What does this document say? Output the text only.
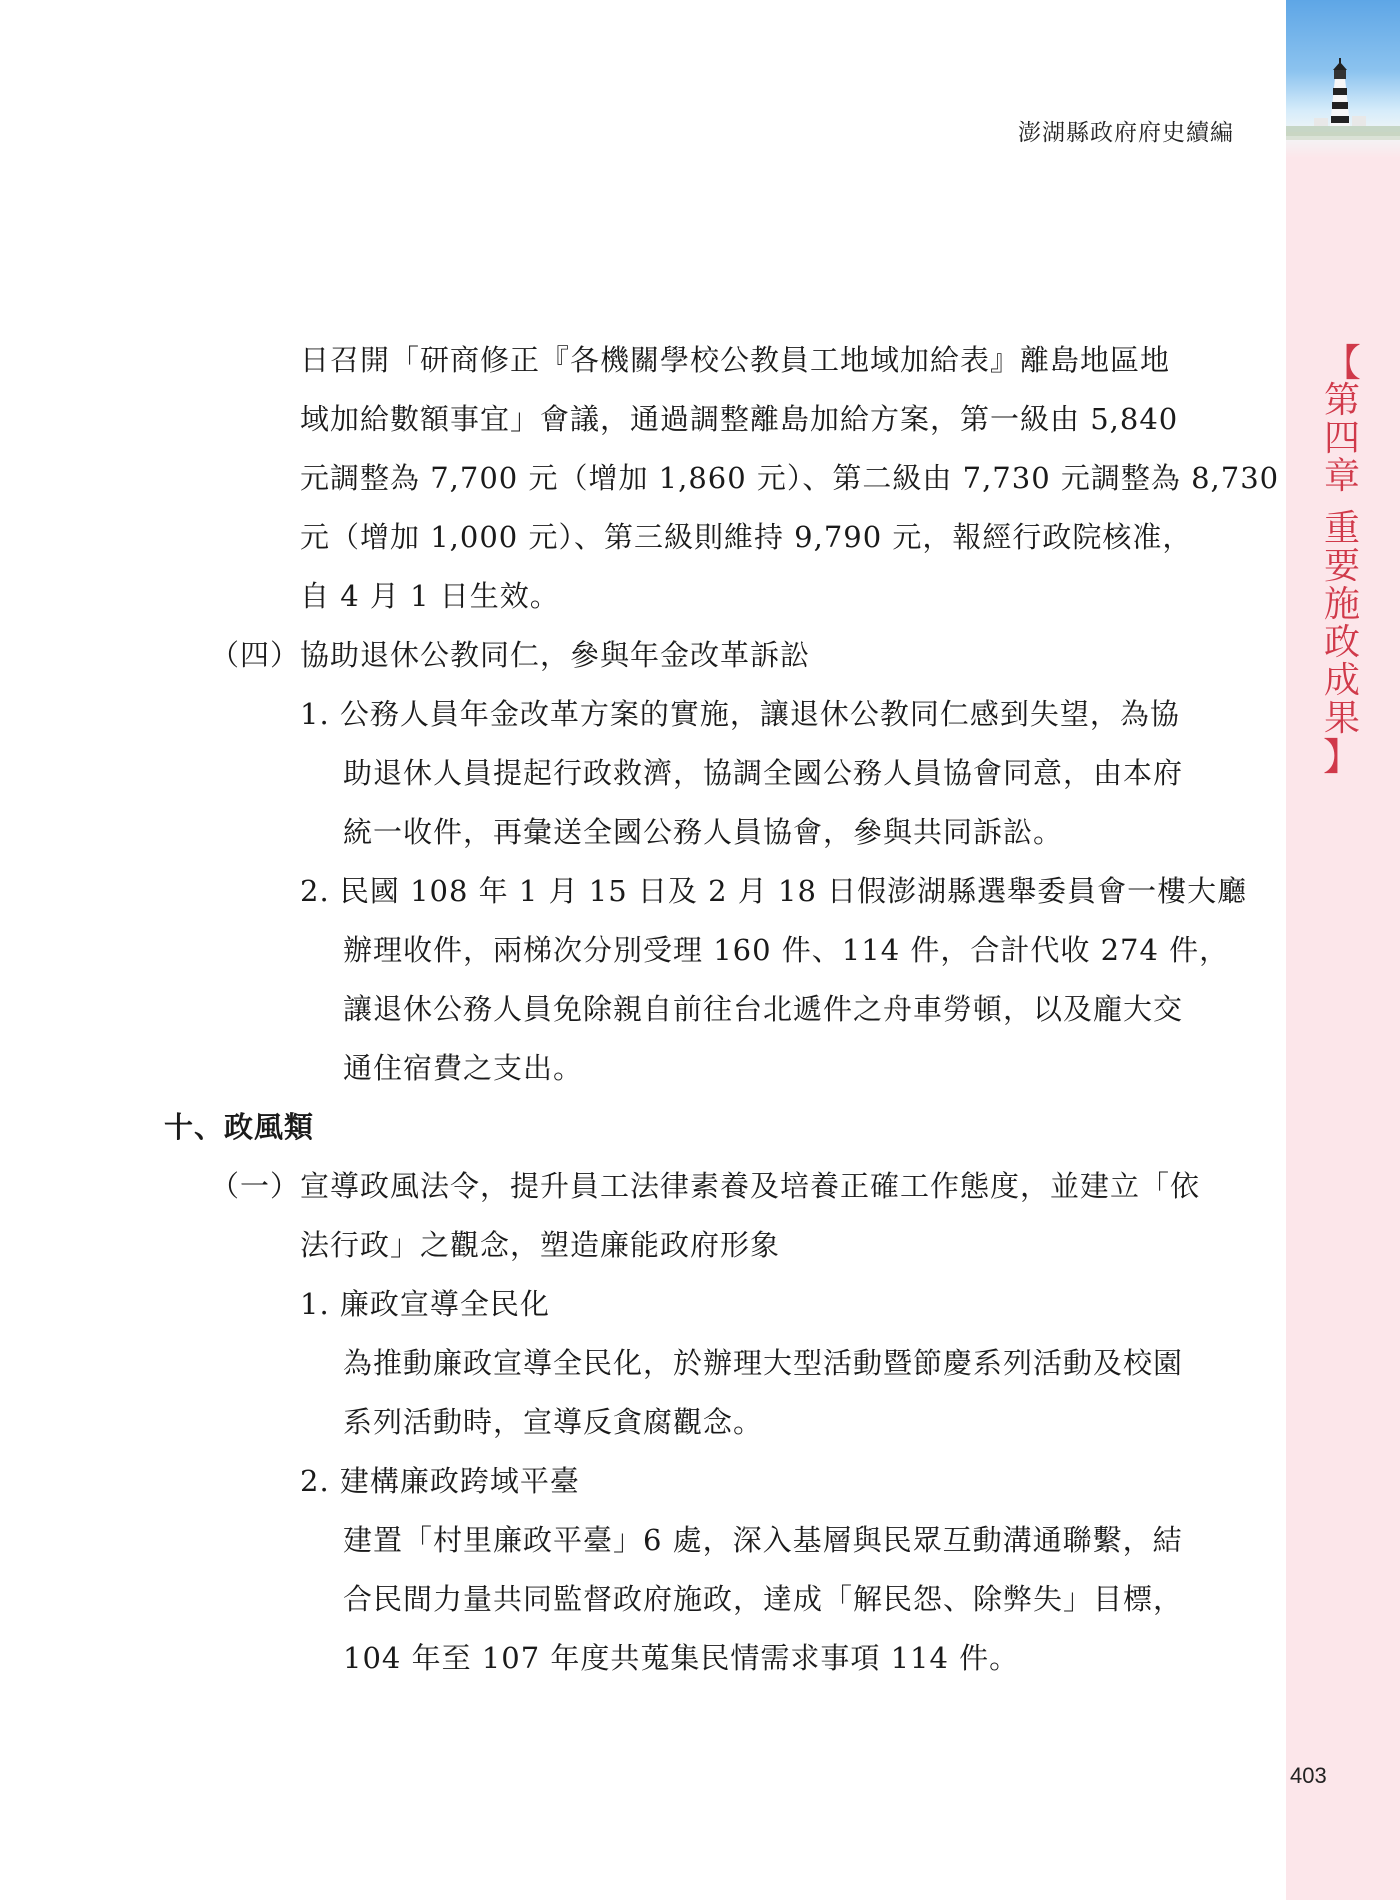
【
第
四
章
重
要
施
政
成
果
】
澎湖縣政府府史續編
日召開「研商修正『各機關學校公教員工地域加給表』離島地區地
域加給數額事宜」會議，通過調整離島加給方案，第一級由 5,840
元調整為 7,700 元（增加 1,860 元）、第二級由 7,730 元調整為 8,730
元（增加 1,000 元）、第三級則維持 9,790 元，報經行政院核准，
自 4 月 1 日生效。
（四）協助退休公教同仁，參與年金改革訴訟
1. 公務人員年金改革方案的實施，讓退休公教同仁感到失望，為協
助退休人員提起行政救濟，協調全國公務人員協會同意，由本府
統一收件，再彙送全國公務人員協會，參與共同訴訟。
2. 民國 108 年 1 月 15 日及 2 月 18 日假澎湖縣選舉委員會一樓大廳
辦理收件，兩梯次分別受理 160 件、114 件，合計代收 274 件，
讓退休公務人員免除親自前往台北遞件之舟車勞頓，以及龐大交
通住宿費之支出。
十、政風類
（一）宣導政風法令，提升員工法律素養及培養正確工作態度，並建立「依
法行政」之觀念，塑造廉能政府形象
1. 廉政宣導全民化
為推動廉政宣導全民化，於辦理大型活動暨節慶系列活動及校園
系列活動時，宣導反貪腐觀念。
2. 建構廉政跨域平臺
建置「村里廉政平臺」6 處，深入基層與民眾互動溝通聯繫，結
合民間力量共同監督政府施政，達成「解民怨、除弊失」目標，
104 年至 107 年度共蒐集民情需求事項 114 件。
403
